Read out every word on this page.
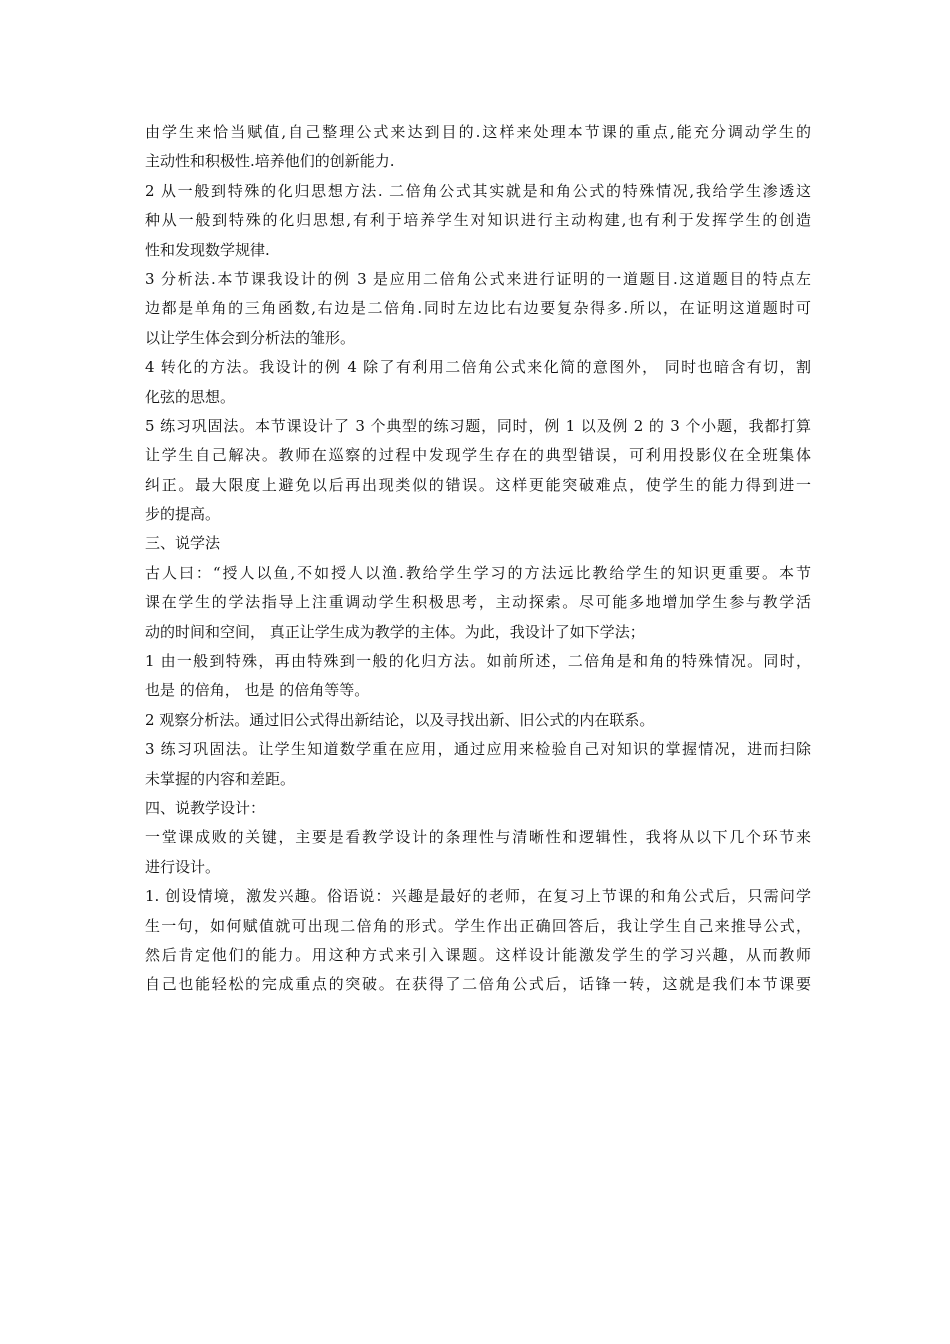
由学生来恰当赋值,自己整理公式来达到目的.这样来处理本节课的重点,能充分调动学生的
主动性和积极性.培养他们的创新能力.
2 从一般到特殊的化归思想方法. 二倍角公式其实就是和角公式的特殊情况,我给学生渗透这
种从一般到特殊的化归思想,有利于培养学生对知识进行主动构建,也有利于发挥学生的创造
性和发现数学规律.
3 分析法.本节课我设计的例 3 是应用二倍角公式来进行证明的一道题目.这道题目的特点左
边都是单角的三角函数,右边是二倍角.同时左边比右边要复杂得多.所以，在证明这道题时可
以让学生体会到分析法的雏形。
4 转化的方法。我设计的例 4 除了有利用二倍角公式来化简的意图外， 同时也暗含有切，割
化弦的思想。
5 练习巩固法。本节课设计了 3 个典型的练习题，同时，例 1 以及例 2 的 3 个小题，我都打算
让学生自己解决。教师在巡察的过程中发现学生存在的典型错误，可利用投影仪在全班集体
纠正。最大限度上避免以后再出现类似的错误。这样更能突破难点，使学生的能力得到进一
步的提高。
三、说学法
古人曰：“授人以鱼,不如授人以渔.教给学生学习的方法远比教给学生的知识更重要。本节
课在学生的学法指导上注重调动学生积极思考，主动探索。尽可能多地增加学生参与教学活
动的时间和空间， 真正让学生成为教学的主体。为此，我设计了如下学法；
1 由一般到特殊，再由特殊到一般的化归方法。如前所述，二倍角是和角的特殊情况。同时，
也是 的倍角， 也是 的倍角等等。
2 观察分析法。通过旧公式得出新结论，以及寻找出新、旧公式的内在联系。
3 练习巩固法。让学生知道数学重在应用，通过应用来检验自己对知识的掌握情况，进而扫除
未掌握的内容和差距。
四、说教学设计：
一堂课成败的关键，主要是看教学设计的条理性与清晰性和逻辑性，我将从以下几个环节来
进行设计。
1. 创设情境，激发兴趣。俗语说：兴趣是最好的老师，在复习上节课的和角公式后，只需问学
生一句，如何赋值就可出现二倍角的形式。学生作出正确回答后，我让学生自己来推导公式，
然后肯定他们的能力。用这种方式来引入课题。这样设计能激发学生的学习兴趣，从而教师
自己也能轻松的完成重点的突破。在获得了二倍角公式后，话锋一转，这就是我们本节课要
